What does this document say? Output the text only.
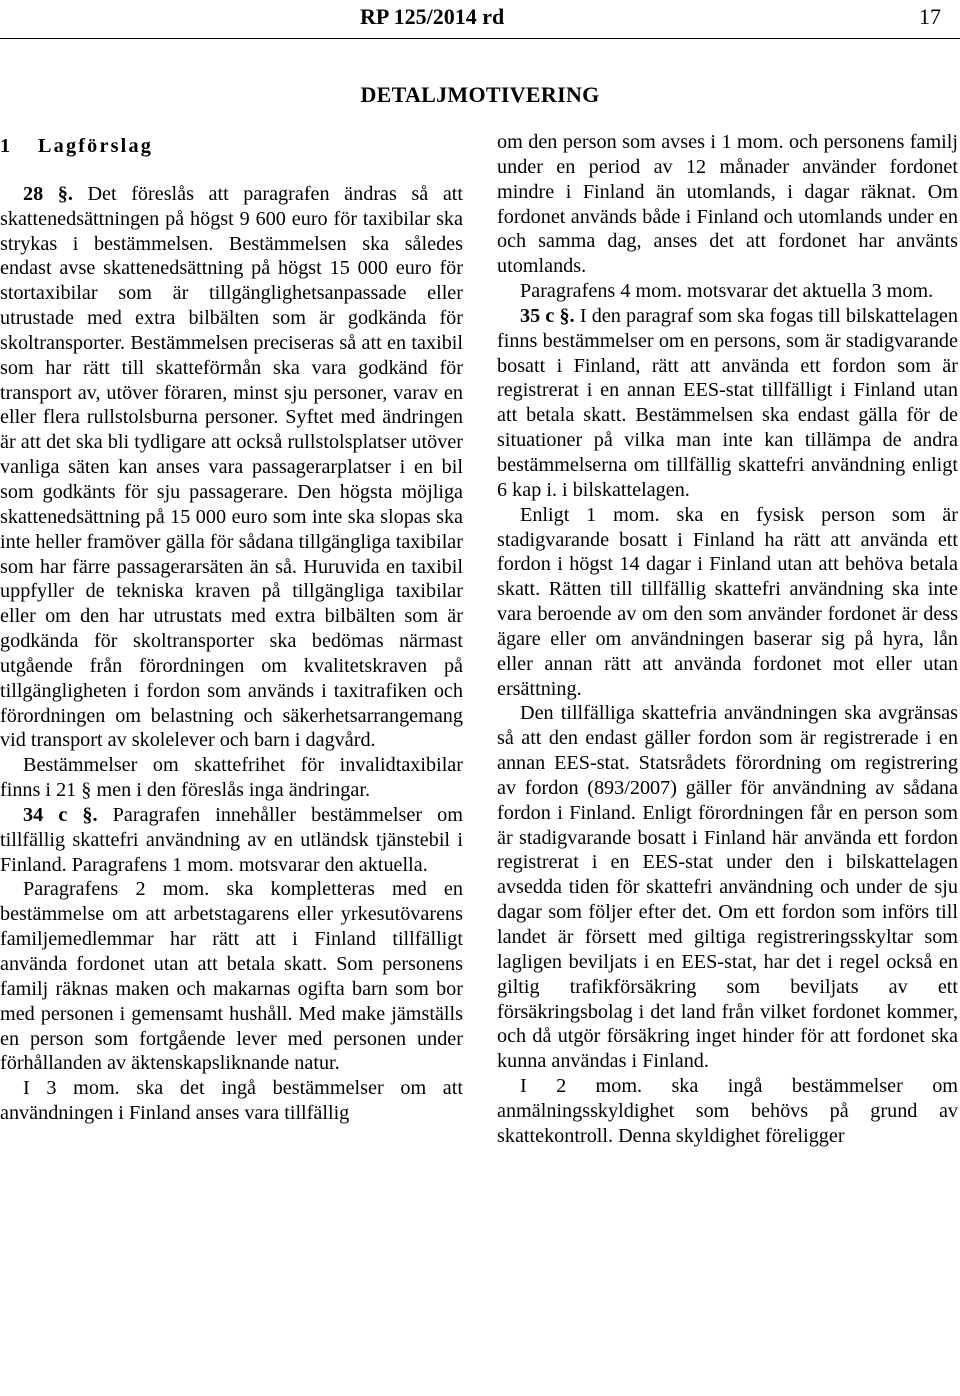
RP 125/2014 rd	17
DETALJMOTIVERING

1 Lagförslag

28 §. Det föreslås att paragrafen ändras så att skattenedsättningen på högst 9 600 euro för taxibilar ska strykas i bestämmelsen. Bestämmelsen ska således endast avse skattenedsättning på högst 15 000 euro för stortaxibilar som är tillgänglighetsanpassade eller utrustade med extra bilbälten som är godkända för skoltransporter. Bestämmelsen preciseras så att en taxibil som har rätt till skatteförmån ska vara godkänd för transport av, utöver föraren, minst sju personer, varav en eller flera rullstolsburna personer. Syftet med ändringen är att det ska bli tydligare att också rullstolsplatser utöver vanliga säten kan anses vara passagerarplatser i en bil som godkänts för sju passagerare. Den högsta möjliga skattenedsättning på 15 000 euro som inte ska slopas ska inte heller framöver gälla för sådana tillgängliga taxibilar som har färre passagerarsäten än så. Huruvida en taxibil uppfyller de tekniska kraven på tillgängliga taxibilar eller om den har utrustats med extra bilbälten som är godkända för skoltransporter ska bedömas närmast utgående från förordningen om kvalitetskraven på tillgängligheten i fordon som används i taxitrafiken och förordningen om belastning och säkerhetsarrangemang vid transport av skolelever och barn i dagvård.

Bestämmelser om skattefrihet för invalidtaxibilar finns i 21 § men i den föreslås inga ändringar.

34 c §. Paragrafen innehåller bestämmelser om tillfällig skattefri användning av en utländsk tjänstebil i Finland. Paragrafens 1 mom. motsvarar den aktuella.

Paragrafens 2 mom. ska kompletteras med en bestämmelse om att arbetstagarens eller yrkesutövarens familjemedlemmar har rätt att i Finland tillfälligt använda fordonet utan att betala skatt. Som personens familj räknas maken och makarnas ogifta barn som bor med personen i gemensamt hushåll. Med make jämställs en person som fortgående lever med personen under förhållanden av äktenskapsliknande natur.

I 3 mom. ska det ingå bestämmelser om att användningen i Finland anses vara tillfällig

om den person som avses i 1 mom. och personens familj under en period av 12 månader använder fordonet mindre i Finland än utomlands, i dagar räknat. Om fordonet används både i Finland och utomlands under en och samma dag, anses det att fordonet har använts utomlands.

Paragrafens 4 mom. motsvarar det aktuella 3 mom.

35 c §. I den paragraf som ska fogas till bilskattelagen finns bestämmelser om en persons, som är stadigvarande bosatt i Finland, rätt att använda ett fordon som är registrerat i en annan EES-stat tillfälligt i Finland utan att betala skatt. Bestämmelsen ska endast gälla för de situationer på vilka man inte kan tillämpa de andra bestämmelserna om tillfällig skattefri användning enligt 6 kap i. i bilskattelagen.

Enligt 1 mom. ska en fysisk person som är stadigvarande bosatt i Finland ha rätt att använda ett fordon i högst 14 dagar i Finland utan att behöva betala skatt. Rätten till tillfällig skattefri användning ska inte vara beroende av om den som använder fordonet är dess ägare eller om användningen baserar sig på hyra, lån eller annan rätt att använda fordonet mot eller utan ersättning.

Den tillfälliga skattefria användningen ska avgränsas så att den endast gäller fordon som är registrerade i en annan EES-stat. Statsrådets förordning om registrering av fordon (893/2007) gäller för användning av sådana fordon i Finland. Enligt förordningen får en person som är stadigvarande bosatt i Finland här använda ett fordon registrerat i en EES-stat under den i bilskattelagen avsedda tiden för skattefri användning och under de sju dagar som följer efter det. Om ett fordon som införs till landet är försett med giltiga registreringsskyltar som lagligen beviljats i en EES-stat, har det i regel också en giltig trafikförsäkring som beviljats av ett försäkringsbolag i det land från vilket fordonet kommer, och då utgör försäkring inget hinder för att fordonet ska kunna användas i Finland.

I 2 mom. ska ingå bestämmelser om anmälningsskyldighet som behövs på grund av skattekontroll. Denna skyldighet föreligger
